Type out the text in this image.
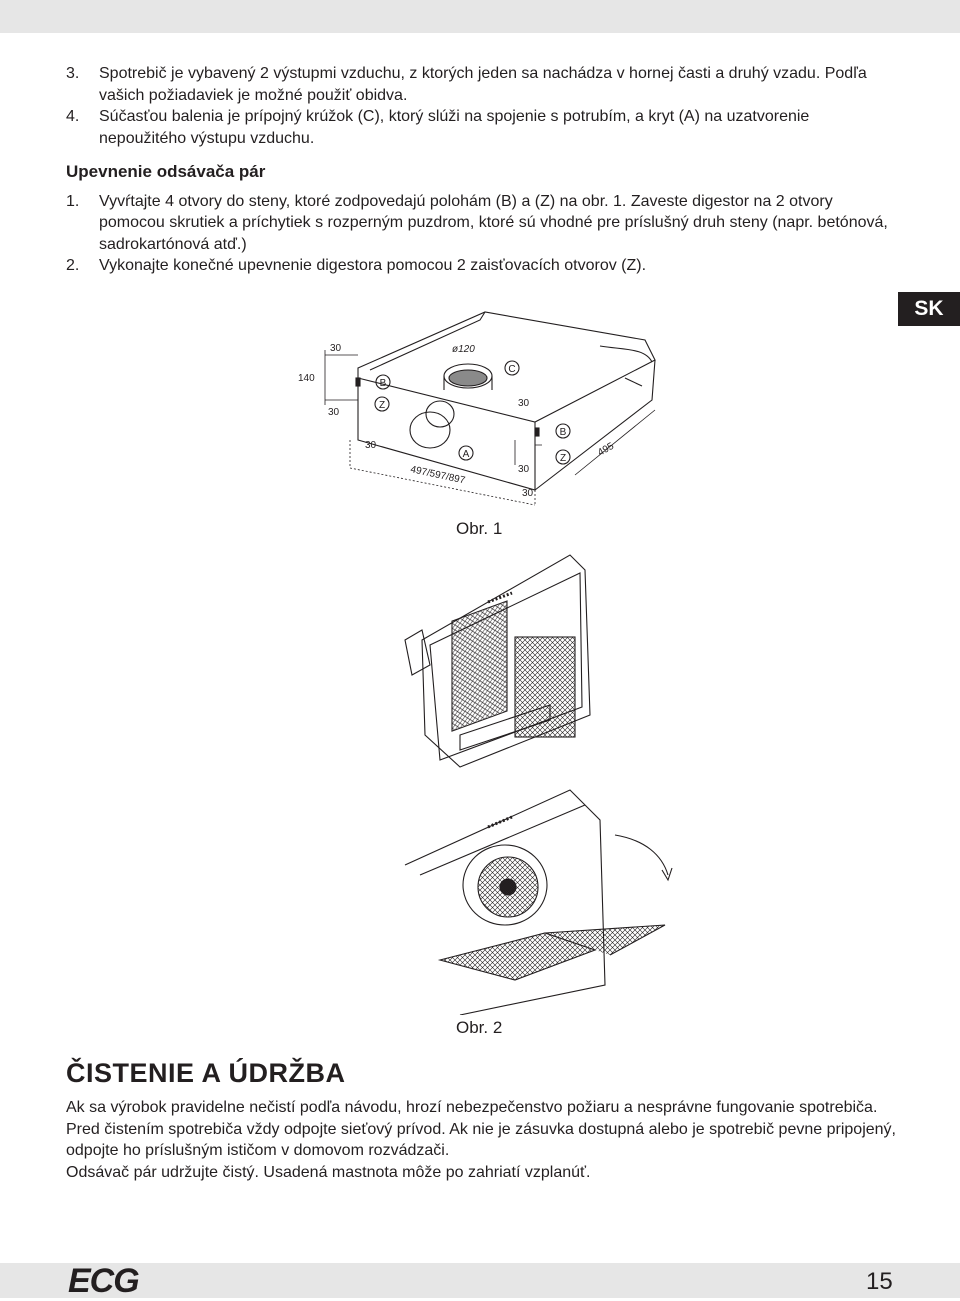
3. Spotrebič je vybavený 2 výstupmi vzduchu, z ktorých jeden sa nachádza v hornej časti a druhý vzadu. Podľa vašich požiadaviek je možné použiť obidva.
4. Súčasťou balenia je prípojný krúžok (C), ktorý slúži na spojenie s potrubím, a kryt (A) na uzatvorenie nepoužitého výstupu vzduchu.
Upevnenie odsávača pár
1. Vyvŕtajte 4 otvory do steny, ktoré zodpovedajú polohám (B) a (Z) na obr. 1. Zaveste digestor na 2 otvory pomocou skrutiek a príchytiek s rozperným puzdrom, ktoré sú vhodné pre príslušný druh steny (napr. betónová, sadrokartónová atď.)
2. Vykonajte konečné upevnenie digestora pomocou 2 zaisťovacích otvorov (Z).
SK
B
Z
C
A
B
Z
30
140
30
ø120
30
30
30
30
495
497/597/897
Obr. 1
Obr. 2
ČISTENIE A ÚDRŽBA

Ak sa výrobok pravidelne nečistí podľa návodu, hrozí nebezpečenstvo požiaru a nesprávne fungovanie spotrebiča.

Pred čistením spotrebiča vždy odpojte sieťový prívod. Ak nie je zásuvka dostupná alebo je spotrebič pevne pripojený, odpojte ho príslušným ističom v domovom rozvádzači.

Odsávač pár udržujte čistý. Usadená mastnota môže po zahriatí vzplanúť.

ECG	15
